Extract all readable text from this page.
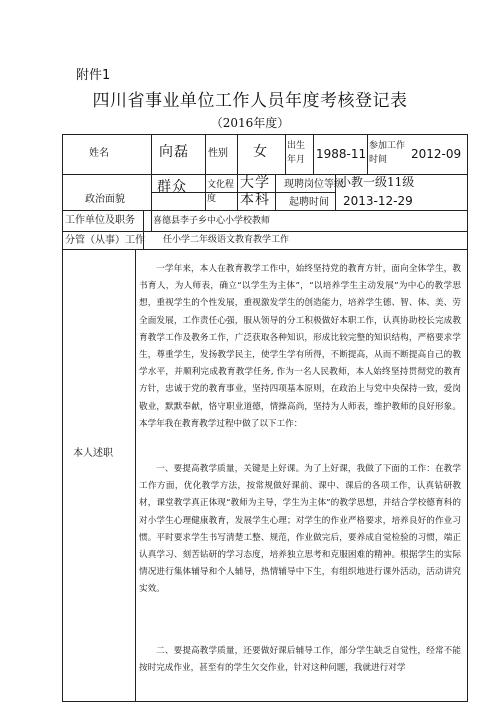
附件1
四川省事业单位工作人员年度考核登记表
（2016年度）
姓名	向磊 性别 女 出生年月 1988-11
参加工作时间	2012-09
政治面貌
群众 文化程度
大学本科
现聘岗位等级
小教一级11级
起聘时间 2013-12-29
工作单位及职务 喜德县李子乡中心小学校教师
分管（从事）工作 任小学二年级语文教育教学工作
本人述职
一学年来，本人在教育教学工作中，始终坚持党的教育方针，面向全体学生，教书育人，为人师表，确立“以学生为主体”，“以培养学生主动发展”为中心的教学思想，重视学生的个性发展，重视激发学生的创造能力，培养学生德、智、体、美、劳全面发展，工作责任心强，服从领导的分工积极做好本职工作，认真协助校长完成教育教学工作及教务工作，广泛获取各种知识，形成比较完整的知识结构，严格要求学生，尊重学生，发扬教学民主，使学生学有所得，不断提高，从而不断提高自己的教学水平，并顺利完成教育教学任务, 作为一名人民教师，本人始终坚持贯彻党的教育方针，忠诚于党的教育事业，坚持四项基本原则，在政治上与党中央保持一致，爱岗敬业，默默奉献，恪守职业道德，情操高尚，坚持为人师表，维护教师的良好形象。本学年我在教育教学过程中做了以下工作：
一、要提高教学质量，关键是上好课。为了上好课，我做了下面的工作：在教学工作方面，优化教学方法，按常规做好课前、课中、课后的各项工作，认真钻研教材，课堂教学真正体现“教师为主导，学生为主体”的教学思想，并结合学校德育科的对小学生心理健康教育，发展学生心理；对学生的作业严格要求，培养良好的作业习惯。平时要求学生书写清楚工整、规范，作业做完后，要养成自觉检验的习惯，端正认真学习、刻苦钻研的学习态度，培养独立思考和克服困难的精神。根据学生的实际情况进行集体辅导和个人辅导，热情辅导中下生，有组织地进行课外活动，活动讲究实效。
二、要提高教学质量，还要做好课后辅导工作，部分学生缺乏自觉性，经常不能按时完成作业，甚至有的学生欠交作业，针对这种问题，我就进行对学
